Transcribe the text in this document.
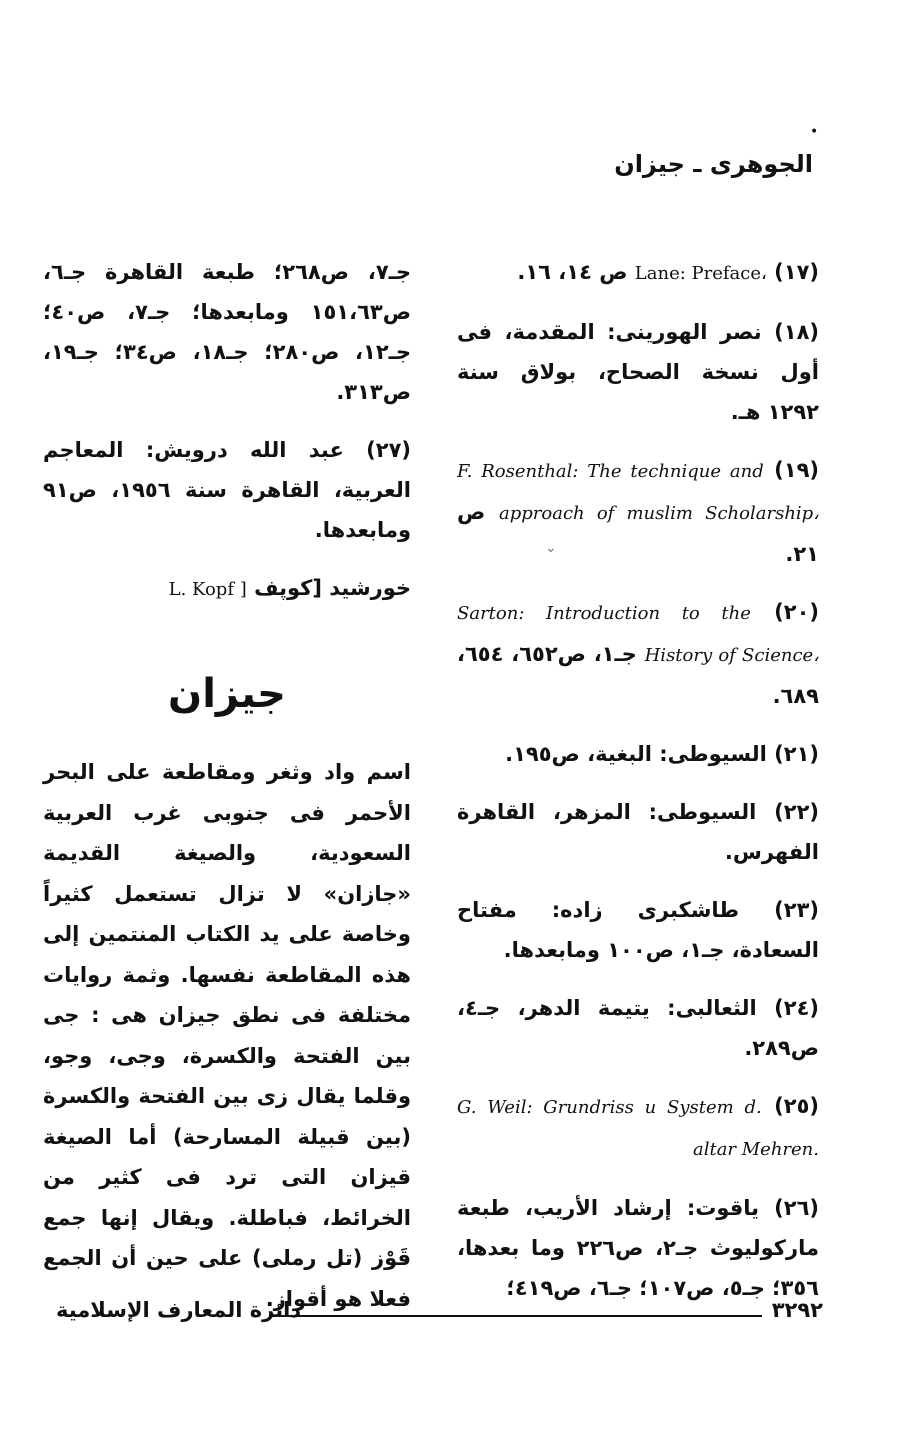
•
الجوهرى ـ جيزان

(١٧) Lane: Preface، ص ١٤، ١٦.

(١٨) نصر الهورينى: المقدمة، فى أول نسخة الصحاح، بولاق سنة ١٢٩٢ هـ.

(١٩) F. Rosenthal: The technique and approach of muslim Scholarship، ص ٢١.

(٢٠) Sarton: Introduction to the History of Science، جـ١، ص٦٥٢، ٦٥٤، ٦٨٩.

(٢١) السيوطى: البغية، ص١٩٥.

(٢٢) السيوطى: المزهر، القاهرة الفهرس.

(٢٣) طاشكبرى زاده: مفتاح السعادة، جـ١، ص١٠٠ ومابعدها.

(٢٤) الثعالبى: يتيمة الدهر، جـ٤، ص٢٨٩.

(٢٥) G. Weil: Grundriss u System d. altar Mehren.

(٢٦) ياقوت: إرشاد الأريب، طبعة ماركوليوث جـ٢، ص٢٢٦ وما بعدها، ٣٥٦؛ جـ٥، ص١٠٧؛ جـ٦، ص٤١٩؛

جـ٧، ص٢٦٨؛ طبعة القاهرة جـ٦، ص١٥١،٦٣ ومابعدها؛ جـ٧، ص٤٠؛ جـ١٢، ص٢٨٠؛ جـ١٨، ص٣٤؛ جـ١٩، ص٣١٣.

(٢٧) عبد الله درويش: المعاجم العربية، القاهرة سنة ١٩٥٦، ص٩١ ومابعدها.

خورشيد [كوپف L. Kopf ]

جيزان

اسم واد وثغر ومقاطعة على البحر الأحمر فى جنوبى غرب العربية السعودية، والصيغة القديمة «جازان» لا تزال تستعمل كثيراً وخاصة على يد الكتاب المنتمين إلى هذه المقاطعة نفسها. وثمة روايات مختلفة فى نطق جيزان هى : جى بين الفتحة والكسرة، وجى، وجو، وقلما يقال زى بين الفتحة والكسرة (بين قبيلة المسارحة) أما الصيغة قيزان التى ترد فى كثير من الخرائط، فباطلة. ويقال إنها جمع قَوْز (تل رملى) على حين أن الجمع فعلا هو أقواز.

⌄
٣٢٩٢
دائرة المعارف الإسلامية
